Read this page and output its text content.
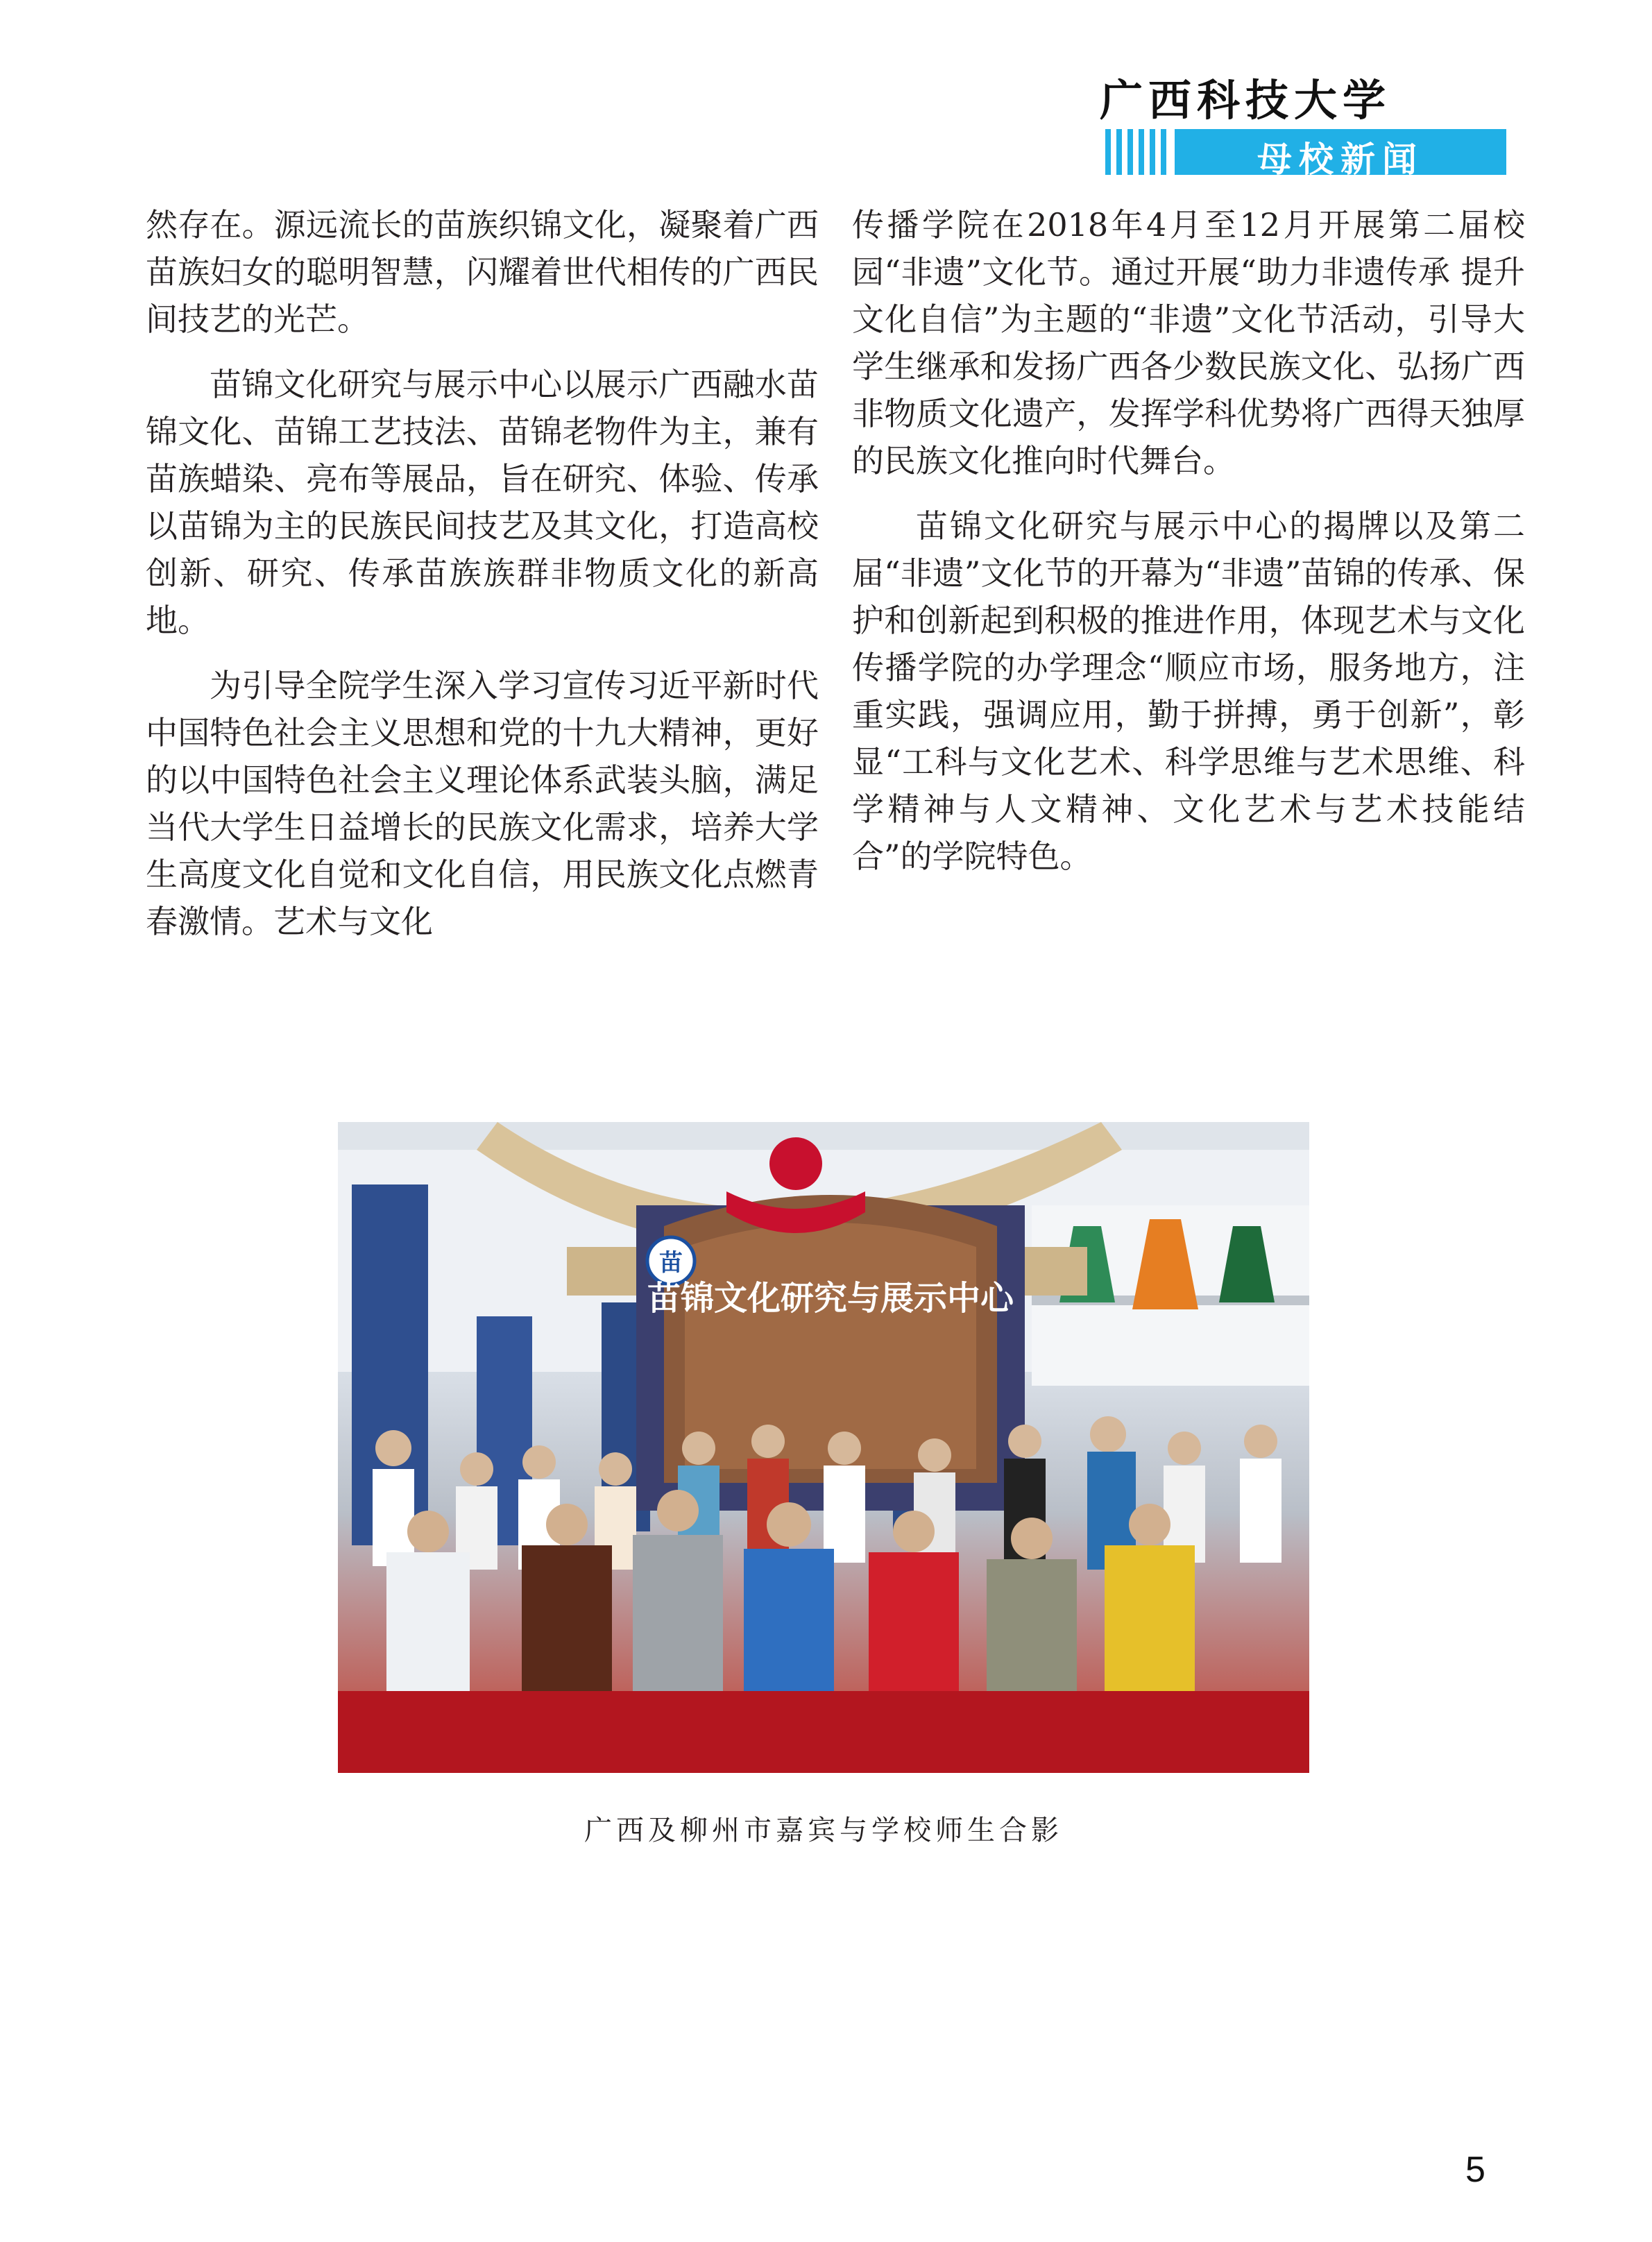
广西科技大学
母校新闻

然存在。源远流长的苗族织锦文化，凝聚着广西苗族妇女的聪明智慧，闪耀着世代相传的广西民间技艺的光芒。

苗锦文化研究与展示中心以展示广西融水苗锦文化、苗锦工艺技法、苗锦老物件为主，兼有苗族蜡染、亮布等展品，旨在研究、体验、传承以苗锦为主的民族民间技艺及其文化，打造高校创新、研究、传承苗族族群非物质文化的新高地。

为引导全院学生深入学习宣传习近平新时代中国特色社会主义思想和党的十九大精神，更好的以中国特色社会主义理论体系武装头脑，满足当代大学生日益增长的民族文化需求，培养大学生高度文化自觉和文化自信，用民族文化点燃青春激情。艺术与文化

传播学院在2018年4月至12月开展第二届校园“非遗”文化节。通过开展“助力非遗传承 提升文化自信”为主题的“非遗”文化节活动，引导大学生继承和发扬广西各少数民族文化、弘扬广西非物质文化遗产，发挥学科优势将广西得天独厚的民族文化推向时代舞台。

苗锦文化研究与展示中心的揭牌以及第二届“非遗”文化节的开幕为“非遗”苗锦的传承、保护和创新起到积极的推进作用，体现艺术与文化传播学院的办学理念“顺应市场，服务地方，注重实践，强调应用，勤于拼搏，勇于创新”，彰显“工科与文化艺术、科学思维与艺术思维、科学精神与人文精神、文化艺术与艺术技能结合”的学院特色。

苗
苗锦文化研究与展示中心
广西及柳州市嘉宾与学校师生合影
5
